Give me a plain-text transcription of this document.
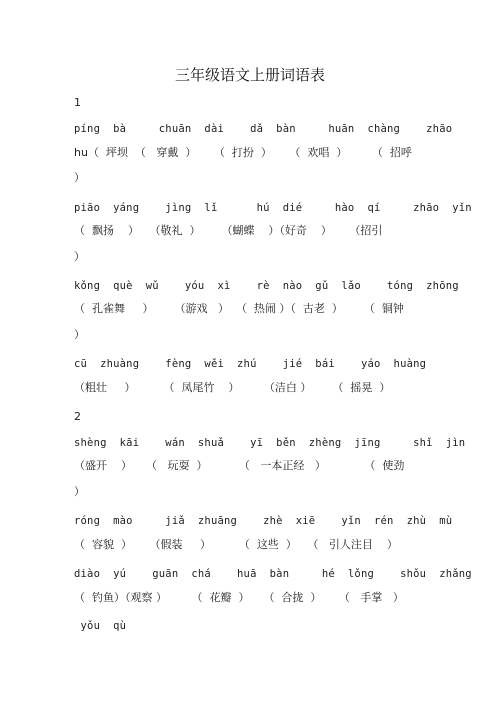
三年级语文上册词语表
1
píng  bà     chuān  dài    dǎ  bàn     huān  chàng    zhāo
hu（  坪坝  （   穿戴  ）     （  打扮  ）     （  欢唱  ）       （  招呼
）
piāo  yáng    jìng  lǐ      hú  dié     hào  qí     zhāo  yǐn
（  飘扬    ）   （敬礼  ）      （蝴蝶    ）（好奇    ）     （招引
）
kǒng  què  wǔ    yóu  xì    rè  nào  gǔ  lǎo    tóng  zhōng
（  孔雀舞     ）      （游戏   ）  （  热闹 ）（  古老  ）      （  铜钟
）
cū  zhuàng    fèng  wěi  zhú    jié  bái    yáo  huàng
（粗壮     ）        （  凤尾竹    ）       （洁白 ）      （  摇晃  ）
2
shèng  kāi    wán  shuǎ    yī  běn  zhèng  jīng     shǐ  jìn
（盛开    ）    （   玩耍  ）         （   一本正经   ）           （  使劲
）
róng  mào     jiǎ  zhuāng    zhè  xiē    yǐn  rén  zhù  mù
（  容貌  ）     （假装     ）        （  这些  ）   （   引人注目    ）
diào  yú    guān  chá    huā  bàn     hé  lǒng    shǒu  zhǎng
（  钓鱼）（观察 ）       （  花瓣  ）    （  合拢  ）     （   手掌   ）
yǒu  qù
